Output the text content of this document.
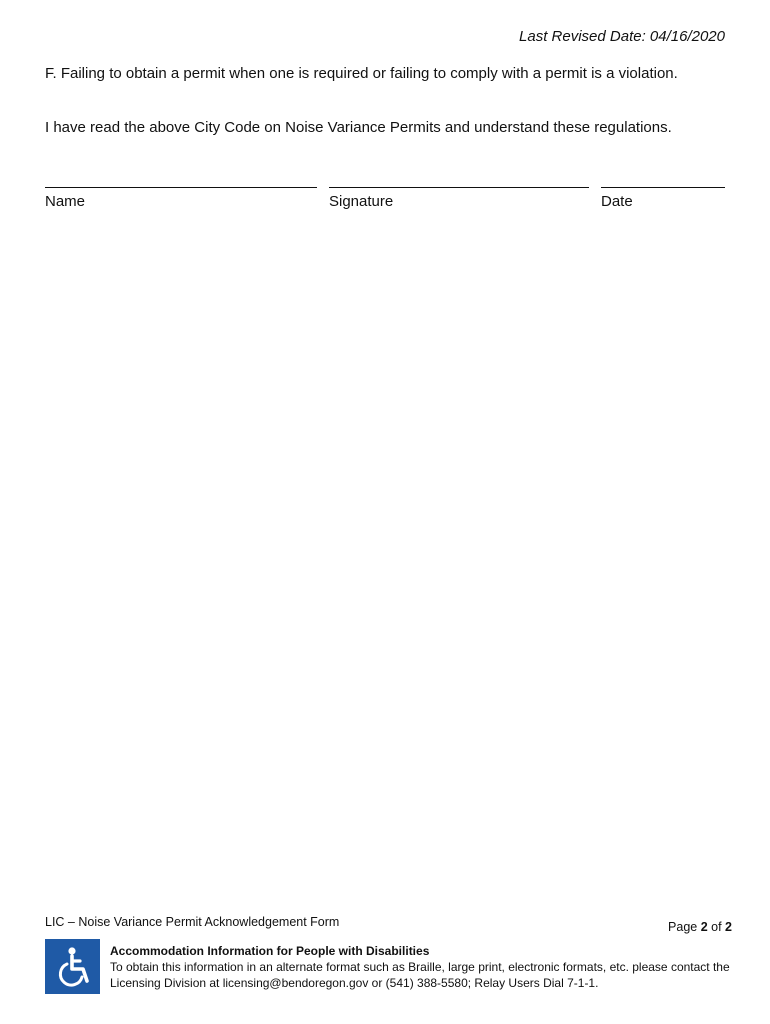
Last Revised Date: 04/16/2020
F. Failing to obtain a permit when one is required or failing to comply with a permit is a violation.
I have read the above City Code on Noise Variance Permits and understand these regulations.
Name	Signature	Date
LIC – Noise Variance Permit Acknowledgement Form	Page 2 of 2
Accommodation Information for People with Disabilities
To obtain this information in an alternate format such as Braille, large print, electronic formats, etc. please contact the Licensing Division at licensing@bendoregon.gov or (541) 388-5580; Relay Users Dial 7-1-1.
